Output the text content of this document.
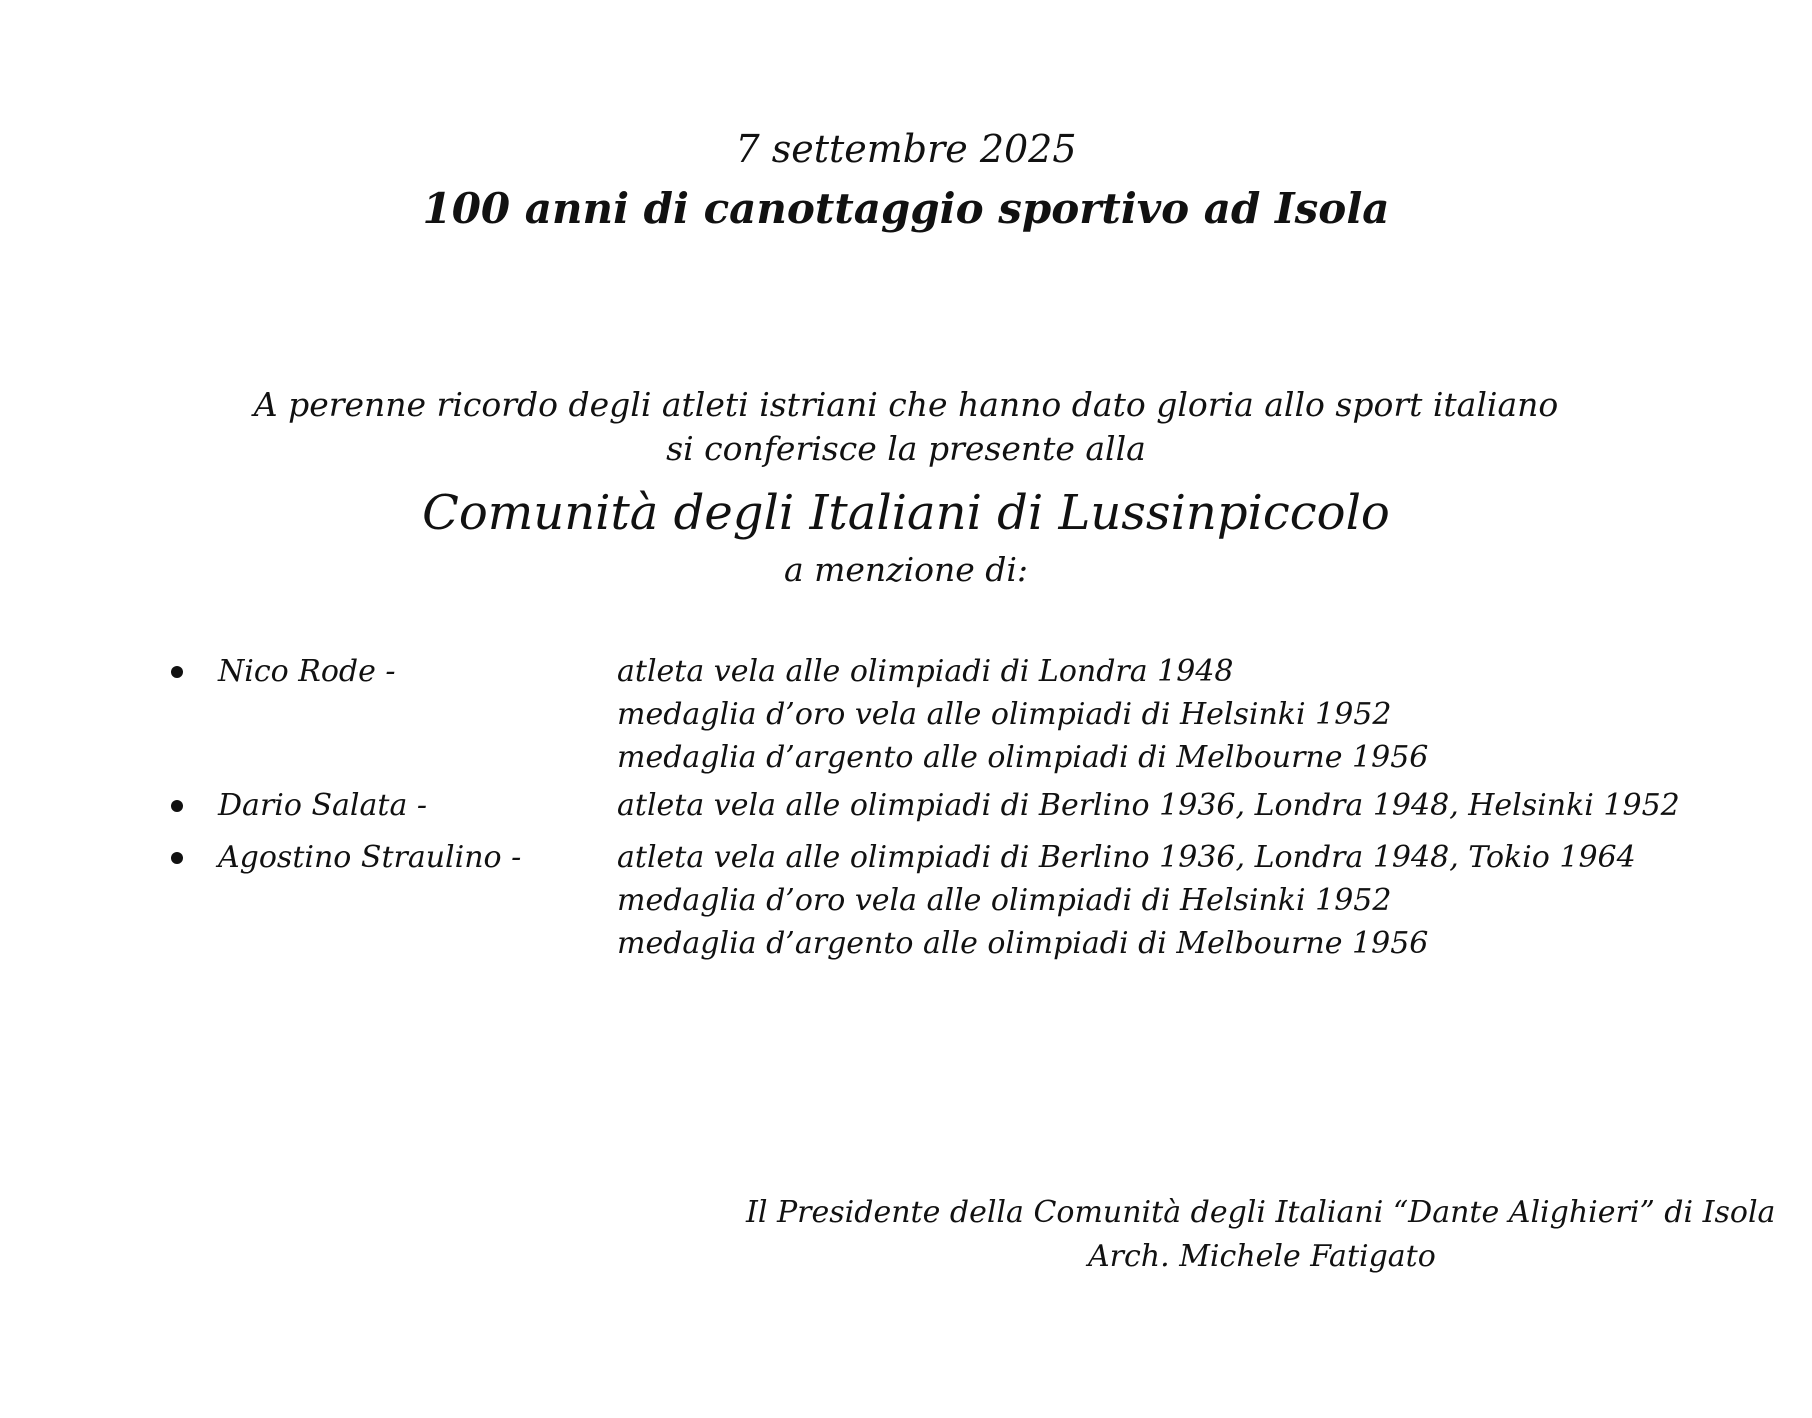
7 settembre 2025
100 anni di canottaggio sportivo ad Isola
A perenne ricordo degli atleti istriani che hanno dato gloria allo sport italiano
si conferisce la presente alla
Comunità degli Italiani di Lussinpiccolo
a menzione di:
Nico Rode -	atleta vela alle olimpiadi di Londra 1948
medaglia d’oro vela alle olimpiadi di Helsinki 1952
medaglia d’argento alle olimpiadi di Melbourne 1956
Dario Salata -	atleta vela alle olimpiadi di Berlino 1936, Londra 1948, Helsinki 1952
Agostino Straulino -	atleta vela alle olimpiadi di Berlino 1936, Londra 1948, Tokio 1964
medaglia d’oro vela alle olimpiadi di Helsinki 1952
medaglia d’argento alle olimpiadi di Melbourne 1956
Il Presidente della Comunità degli Italiani “Dante Alighieri” di Isola
Arch. Michele Fatigato
